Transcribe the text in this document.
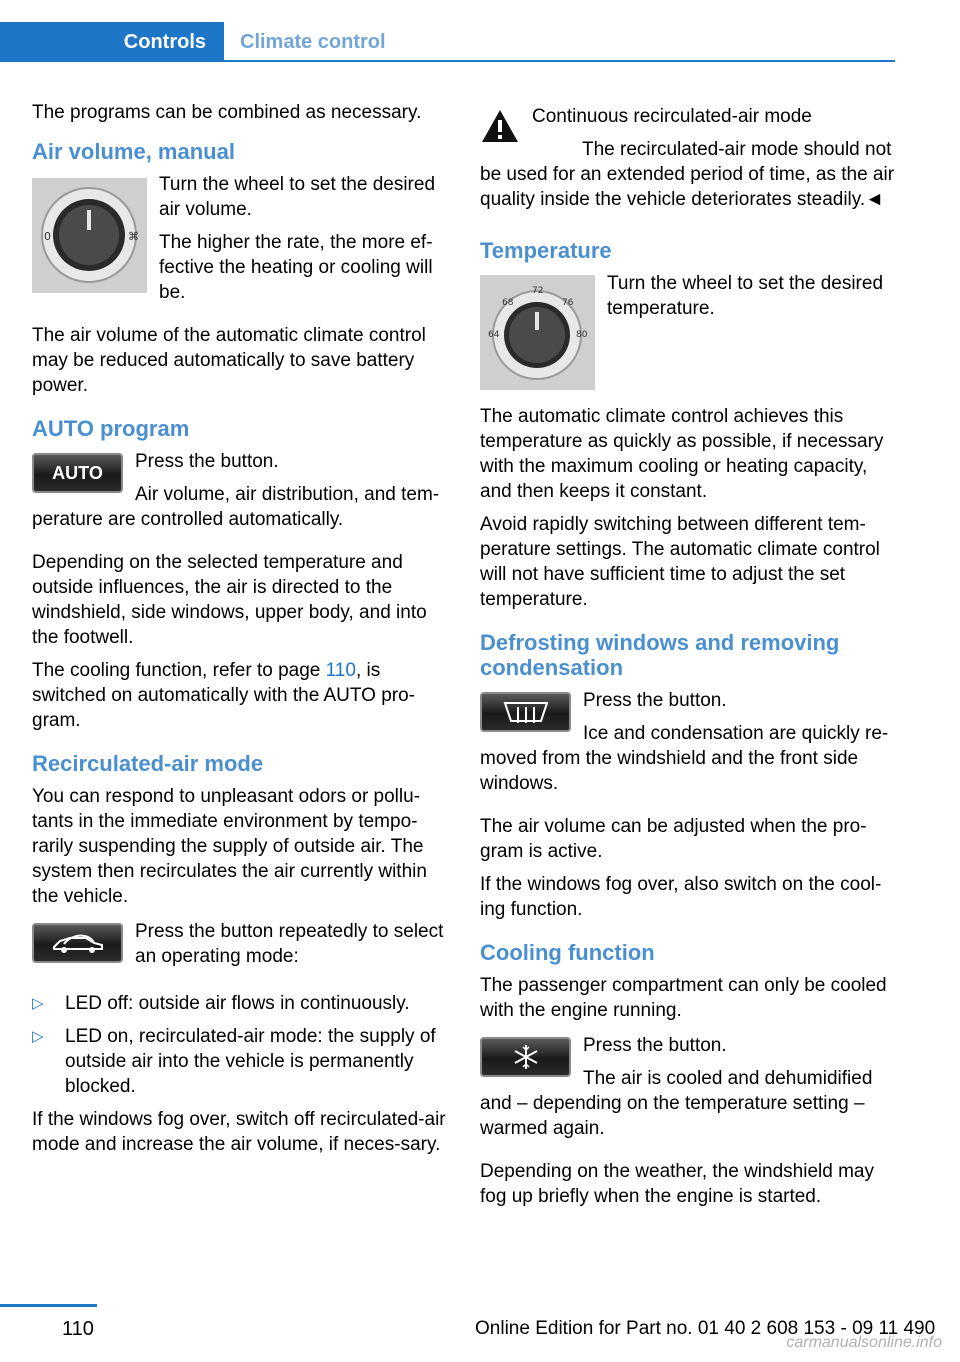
Controls	Climate control

The programs can be combined as necessary.

Air volume, manual
0	⌘

Turn the wheel to set the desired air volume.

The higher the rate, the more ef‐fective the heating or cooling will be.

The air volume of the automatic climate control may be reduced automatically to save battery power.

AUTO program
AUTO

Press the button.

Air volume, air distribution, and tem‐perature are controlled automatically.

Depending on the selected temperature and outside influences, the air is directed to the windshield, side windows, upper body, and into the footwell.

The cooling function, refer to page 110, is switched on automatically with the AUTO pro‐gram.

Recirculated-air mode

You can respond to unpleasant odors or pollu‐tants in the immediate environment by tempo‐rarily suspending the supply of outside air. The system then recirculates the air currently within the vehicle.

Press the button repeatedly to select an operating mode:

▷ LED off: outside air flows in continuously.
▷ LED on, recirculated-air mode: the supply of outside air into the vehicle is permanently blocked.

If the windows fog over, switch off recirculated-air mode and increase the air volume, if neces‐sary.

Continuous recirculated-air mode

The recirculated-air mode should not be used for an extended period of time, as the air quality inside the vehicle deteriorates steadily.◄

Temperature
64
68
72
76
80

Turn the wheel to set the desired temperature.

The automatic climate control achieves this temperature as quickly as possible, if necessary with the maximum cooling or heating capacity, and then keeps it constant.

Avoid rapidly switching between different tem‐perature settings. The automatic climate control will not have sufficient time to adjust the set temperature.

Defrosting windows and removing condensation

Press the button.

Ice and condensation are quickly re‐moved from the windshield and the front side windows.

The air volume can be adjusted when the pro‐gram is active.

If the windows fog over, also switch on the cool‐ing function.

Cooling function

The passenger compartment can only be cooled with the engine running.

Press the button.

The air is cooled and dehumidified and – depending on the temperature setting – warmed again.

Depending on the weather, the windshield may fog up briefly when the engine is started.

110	Online Edition for Part no. 01 40 2 608 153 - 09 11 490
carmanualsonline.info
